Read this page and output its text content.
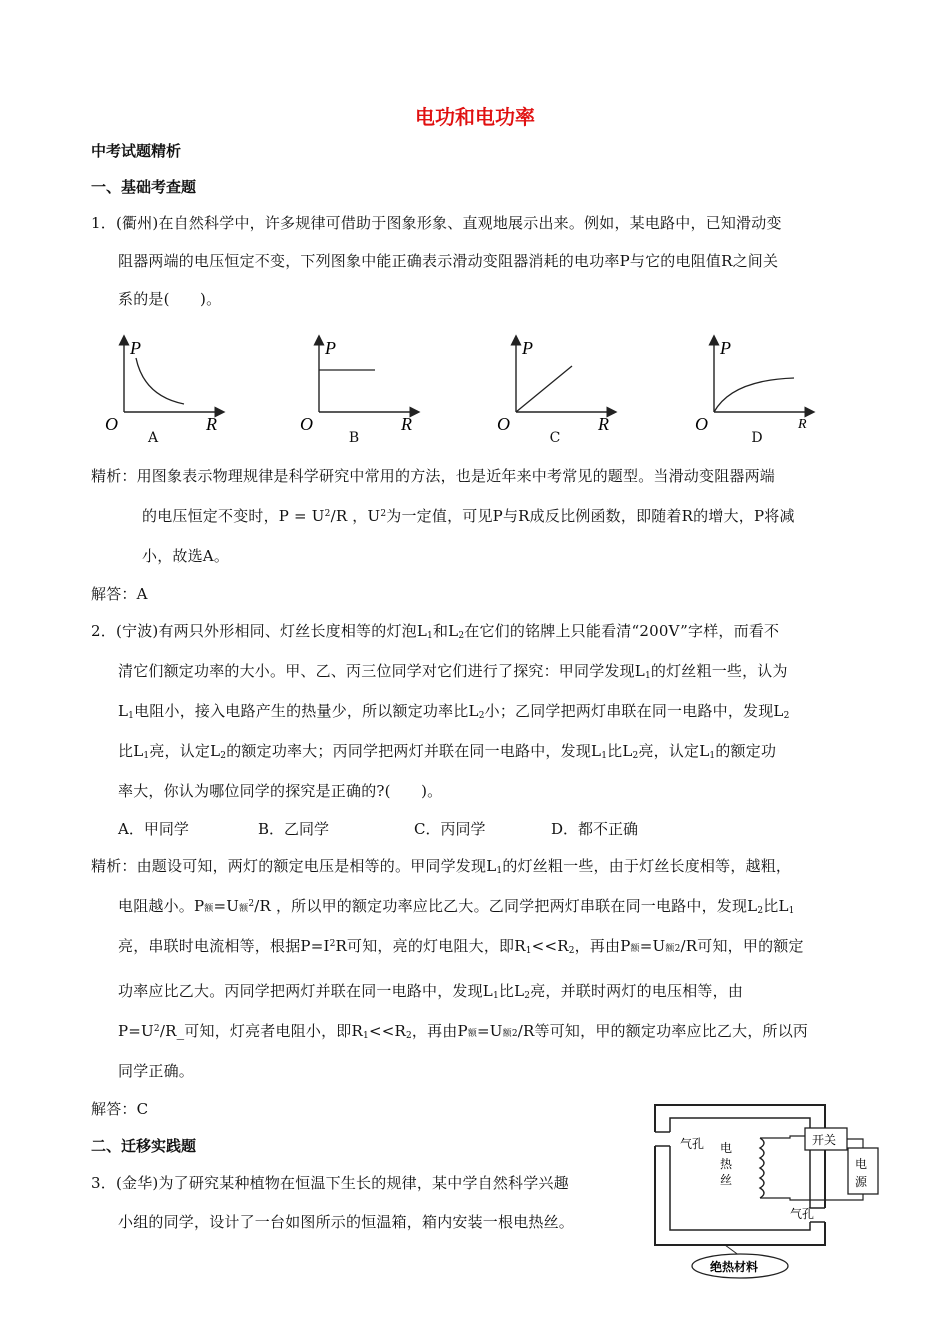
电功和电功率
中考试题精析
一、基础考查题
1．(衢州)在自然科学中，许多规律可借助于图象形象、直观地展示出来。例如，某电路中，已知滑动变
阻器两端的电压恒定不变，下列图象中能正确表示滑动变阻器消耗的电功率P与它的电阻值R之间关
系的是(　　)。
P
O	R
A
P
O	R
B
P
O	R
C
P
O	R
D
精析：用图象表示物理规律是科学研究中常用的方法，也是近年来中考常见的题型。当滑动变阻器两端
的电压恒定不变时，$P = U^2/R$ ，$U^2$为一定值，可见P与R成反比例函数，即随着R的增大，P将减
小，故选A。
解答：A
2．(宁波)有两只外形相同、灯丝长度相等的灯泡$L_1$和$L_2$在它们的铭牌上只能看清“200V”字样，而看不
清它们额定功率的大小。甲、乙、丙三位同学对它们进行了探究：甲同学发现$L_1$的灯丝粗一些，认为
$L_1$电阻小，接入电路产生的热量少，所以额定功率比$L_2$小；乙同学把两灯串联在同一电路中，发现$L_2$
比$L_1$亮，认定$L_2$的额定功率大；丙同学把两灯并联在同一电路中，发现$L_1$比$L_2$亮，认定$L_1$的额定功
率大，你认为哪位同学的探究是正确的?(　　)。
A．甲同学	B．乙同学	C．丙同学	D．都不正确
精析：由题设可知，两灯的额定电压是相等的。甲同学发现$L_1$的灯丝粗一些，由于灯丝长度相等，越粗，
电阻越小。P额=U额$^2$/R ，所以甲的额定功率应比乙大。乙同学把两灯串联在同一电路中，发现$L_2$比$L_1$
亮，串联时电流相等，根据$P=I^2R$可知，亮的灯电阻大，即$R_1<<R_2$，再由P额=U额2/R可知，甲的额定
功率应比乙大。丙同学把两灯并联在同一电路中，发现$L_1$比$L_2$亮，并联时两灯的电压相等，由
$P=U^2/R\_$可知，灯亮者电阻小，即$R_1<<R_2$，再由P额=U额2/R等可知，甲的额定功率应比乙大，所以丙
同学正确。
解答：C
二、迁移实践题
3．(金华)为了研究某种植物在恒温下生长的规律，某中学自然科学兴趣
小组的同学，设计了一台如图所示的恒温箱，箱内安装一根电热丝。
气孔
气孔
电
热
丝
开关
电
源
绝热材料
